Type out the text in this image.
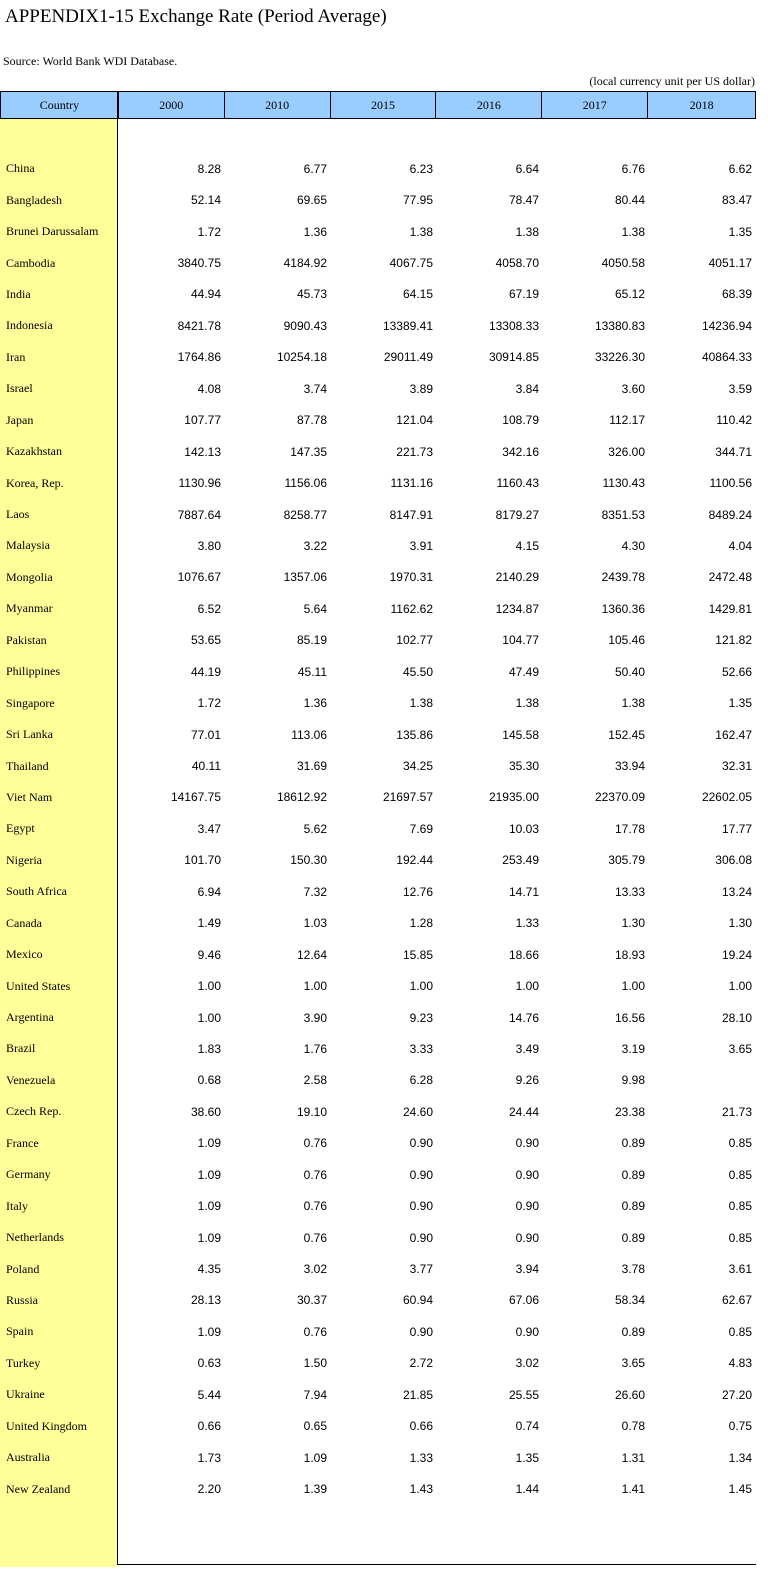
APPENDIX1-15 Exchange Rate (Period Average)
Source: World Bank WDI Database.
(local currency unit per US dollar)
Country	2000	2010	2015	2016	2017	2018
China	8.28	6.77	6.23	6.64	6.76	6.62
Bangladesh	52.14	69.65	77.95	78.47	80.44	83.47
Brunei Darussalam	1.72	1.36	1.38	1.38	1.38	1.35
Cambodia	3840.75	4184.92	4067.75	4058.70	4050.58	4051.17
India	44.94	45.73	64.15	67.19	65.12	68.39
Indonesia	8421.78	9090.43	13389.41	13308.33	13380.83	14236.94
Iran	1764.86	10254.18	29011.49	30914.85	33226.30	40864.33
Israel	4.08	3.74	3.89	3.84	3.60	3.59
Japan	107.77	87.78	121.04	108.79	112.17	110.42
Kazakhstan	142.13	147.35	221.73	342.16	326.00	344.71
Korea, Rep.	1130.96	1156.06	1131.16	1160.43	1130.43	1100.56
Laos	7887.64	8258.77	8147.91	8179.27	8351.53	8489.24
Malaysia	3.80	3.22	3.91	4.15	4.30	4.04
Mongolia	1076.67	1357.06	1970.31	2140.29	2439.78	2472.48
Myanmar	6.52	5.64	1162.62	1234.87	1360.36	1429.81
Pakistan	53.65	85.19	102.77	104.77	105.46	121.82
Philippines	44.19	45.11	45.50	47.49	50.40	52.66
Singapore	1.72	1.36	1.38	1.38	1.38	1.35
Sri Lanka	77.01	113.06	135.86	145.58	152.45	162.47
Thailand	40.11	31.69	34.25	35.30	33.94	32.31
Viet Nam	14167.75	18612.92	21697.57	21935.00	22370.09	22602.05
Egypt	3.47	5.62	7.69	10.03	17.78	17.77
Nigeria	101.70	150.30	192.44	253.49	305.79	306.08
South Africa	6.94	7.32	12.76	14.71	13.33	13.24
Canada	1.49	1.03	1.28	1.33	1.30	1.30
Mexico	9.46	12.64	15.85	18.66	18.93	19.24
United States	1.00	1.00	1.00	1.00	1.00	1.00
Argentina	1.00	3.90	9.23	14.76	16.56	28.10
Brazil	1.83	1.76	3.33	3.49	3.19	3.65
Venezuela	0.68	2.58	6.28	9.26	9.98
Czech Rep.	38.60	19.10	24.60	24.44	23.38	21.73
France	1.09	0.76	0.90	0.90	0.89	0.85
Germany	1.09	0.76	0.90	0.90	0.89	0.85
Italy	1.09	0.76	0.90	0.90	0.89	0.85
Netherlands	1.09	0.76	0.90	0.90	0.89	0.85
Poland	4.35	3.02	3.77	3.94	3.78	3.61
Russia	28.13	30.37	60.94	67.06	58.34	62.67
Spain	1.09	0.76	0.90	0.90	0.89	0.85
Turkey	0.63	1.50	2.72	3.02	3.65	4.83
Ukraine	5.44	7.94	21.85	25.55	26.60	27.20
United Kingdom	0.66	0.65	0.66	0.74	0.78	0.75
Australia	1.73	1.09	1.33	1.35	1.31	1.34
New Zealand	2.20	1.39	1.43	1.44	1.41	1.45
